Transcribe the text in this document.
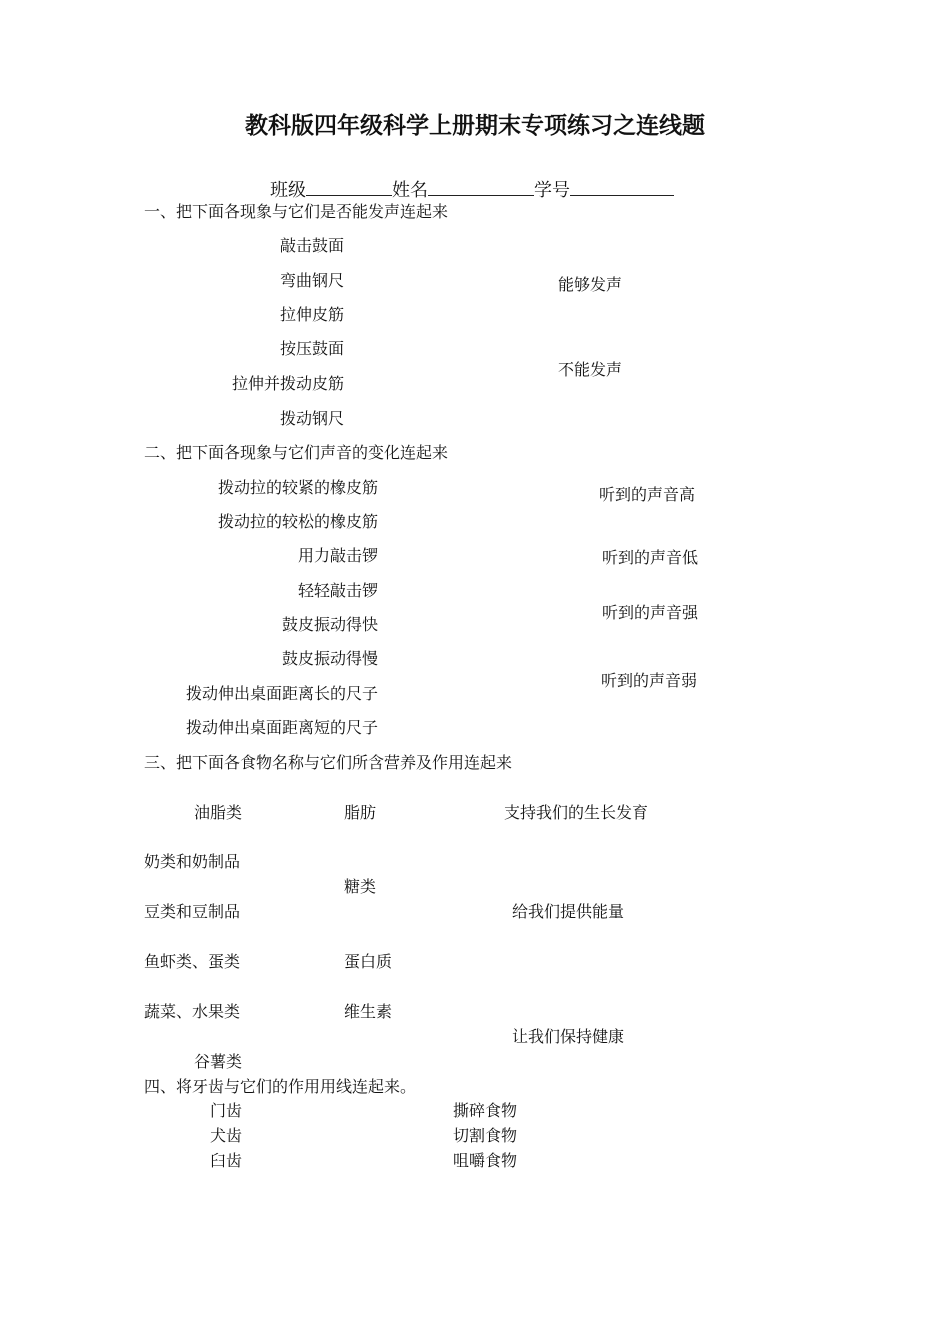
教科版四年级科学上册期末专项练习之连线题
班级	姓名	学号
一、把下面各现象与它们是否能发声连起来
敲击鼓面
弯曲钢尺
拉伸皮筋
按压鼓面
拉伸并拨动皮筋
拨动钢尺
能够发声
不能发声
二、把下面各现象与它们声音的变化连起来
拨动拉的较紧的橡皮筋
拨动拉的较松的橡皮筋
用力敲击锣
轻轻敲击锣
鼓皮振动得快
鼓皮振动得慢
拨动伸出桌面距离长的尺子
拨动伸出桌面距离短的尺子
听到的声音高
听到的声音低
听到的声音强
听到的声音弱
三、把下面各食物名称与它们所含营养及作用连起来
油脂类
奶类和奶制品
豆类和豆制品
鱼虾类、蛋类
蔬菜、水果类
谷薯类
脂肪
糖类
蛋白质
维生素
支持我们的生长发育
给我们提供能量
让我们保持健康
四、将牙齿与它们的作用用线连起来。
门齿
犬齿
臼齿
撕碎食物
切割食物
咀嚼食物
